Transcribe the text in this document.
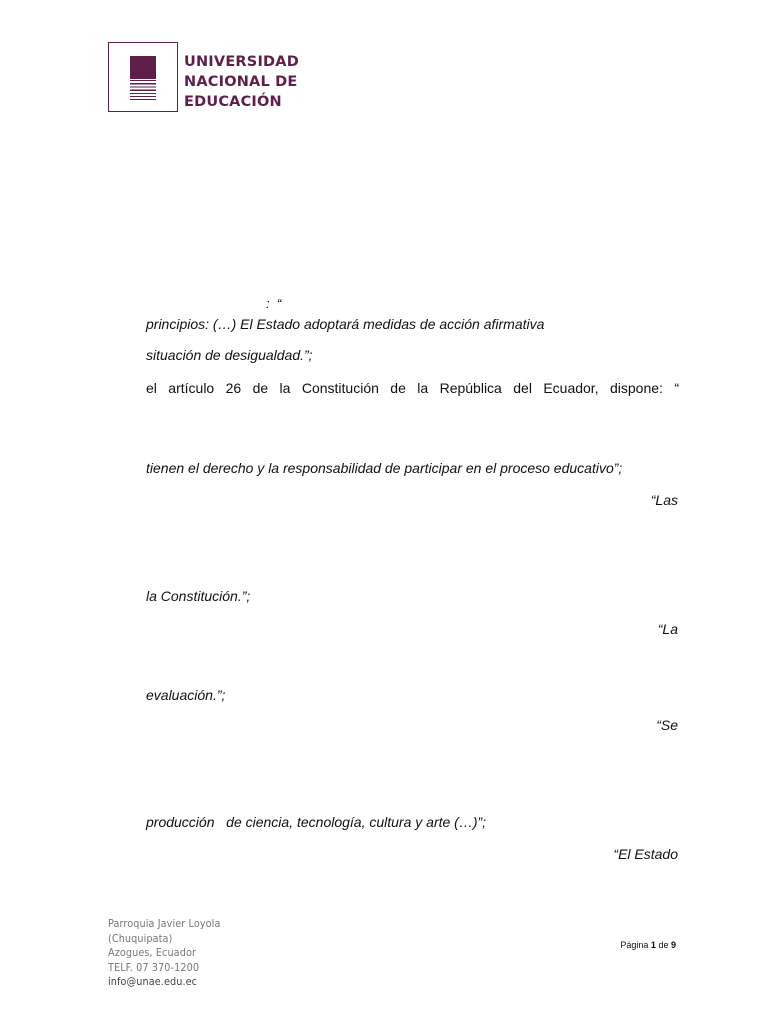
UNIVERSIDAD
NACIONAL DE
EDUCACIÓN
:  “
principios: (…) El Estado adoptará medidas de acción afirmativa
situación de desigualdad.”;
el artículo 26 de la Constitución de la República del Ecuador, dispone: “
tienen el derecho y la responsabilidad de participar en el proceso educativo”;
“Las
la Constitución.”;
“La
evaluación.”;
“Se
producción   de ciencia, tecnología, cultura y arte (…)”;
“El Estado
Parroquia Javier Loyola
(Chuquipata)
Azogues, Ecuador
TELF. 07 370-1200
info@unae.edu.ec
Página 1 de 9
